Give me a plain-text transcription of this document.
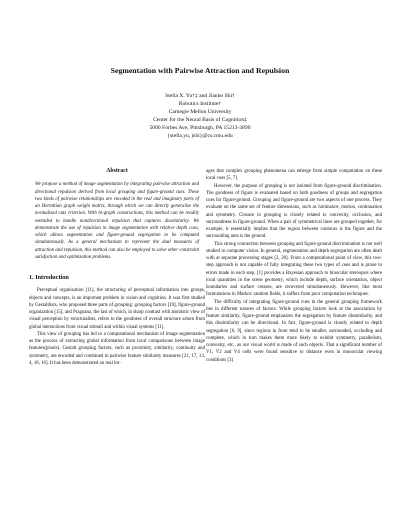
Segmentation with Pairwise Attraction and Repulsion
Stella X. Yu†‡ and Jianbo Shi†
Robotics Institute†
Carnegie Mellon University
Center for the Neural Basis of Cognition‡
5000 Forbes Ave, Pittsburgh, PA 15213-3890
{stella.yu, jshi}@cs.cmu.edu
Abstract

We propose a method of image segmentation by integrating pairwise attraction and directional repulsion derived from local grouping and figure-ground cues. These two kinds of pairwise relationships are encoded in the real and imaginary parts of an Hermitian graph weight matrix, through which we can directly generalize the normalized cuts criterion. With bi-graph constructions, this method can be readily extended to handle nondirectional repulsion that captures dissimilarity. We demonstrate the use of repulsion in image segmentation with relative depth cues, which allows segmentation and figure-ground segregation to be computed simultaneously. As a general mechanism to represent the dual measures of attraction and repulsion, this method can also be employed to solve other constraint satisfaction and optimization problems.

1. Introduction

Perceptual organization [11], the structuring of perceptual information into groups, objects and concepts, is an important problem in vision and cognition. It was first studied by Gestaltlists, who proposed three parts of grouping: grouping factors [19], figure-ground organization [15], and Pragnanz, the last of which, in sharp contrast with atomistic view of visual perception by structuralists, refers to the goodness of overall structure arisen from global interactions from visual stimuli and within visual systems [11].

This view of grouping has led to a computational mechanism of image segmentation as the process of extracting global information from local comparisons between image features(pixels). Gestalt grouping factors, such as proximity, similarity, continuity and symmetry, are encoded and combined in pairwise feature similarity measures [21, 17, 13, 4, 18, 16]. It has been demonstrated on real im-

ages that complex grouping phenomena can emerge from simple computation on these local cues [5, 7].

However, the purpose of grouping is not isolated from figure-ground discrimination. The goodness of figure is evaluated based on both goodness of groups and segregation cues for figure-ground. Grouping and figure-ground are two aspects of one process. They evaluate on the same set of feature dimensions, such as luminance, motion, continuation and symmetry. Closure in grouping is closely related to convexity, occlusion, and surroundness in figure-ground. When a pair of symmetrical lines are grouped together, for example, it essentially implies that the region between contours is the figure and the surrounding area is the ground.

This strong connection between grouping and figure-ground discrimination is not well studied in computer vision. In general, segmentation and depth segregation are often dealt with at separate processing stages [2, 20]. From a computational point of view, this two-step approach is not capable of fully integrating these two types of cues and is prone to errors made in each step. [1] provides a Bayesian approach to binocular stereopsis where local quantities in the scene geometry, which include depth, surface orientation, object boundaries and surface creases, are recovered simultaneously. However, like most formulations in Markov random fields, it suffers from poor computation techniques.

The difficulty of integrating figure-ground cues in the general grouping framework lies in different natures of factors. While grouping factors look at the association by feature similarity, figure-ground emphasizes the segregation by feature dissimilarity, and this dissimilarity can be directional. In fact, figure-ground is closely related to depth segregation [6, 9], since regions in front tend to be smaller, surrounded, occluding and complete, which in turn makes them more likely to exhibit symmetry, parallelism, convexity, etc., as our visual world is made of such objects. That a significant number of V1, V2 and V4 cells were found sensitive to distance even in monocular viewing conditions [3]
